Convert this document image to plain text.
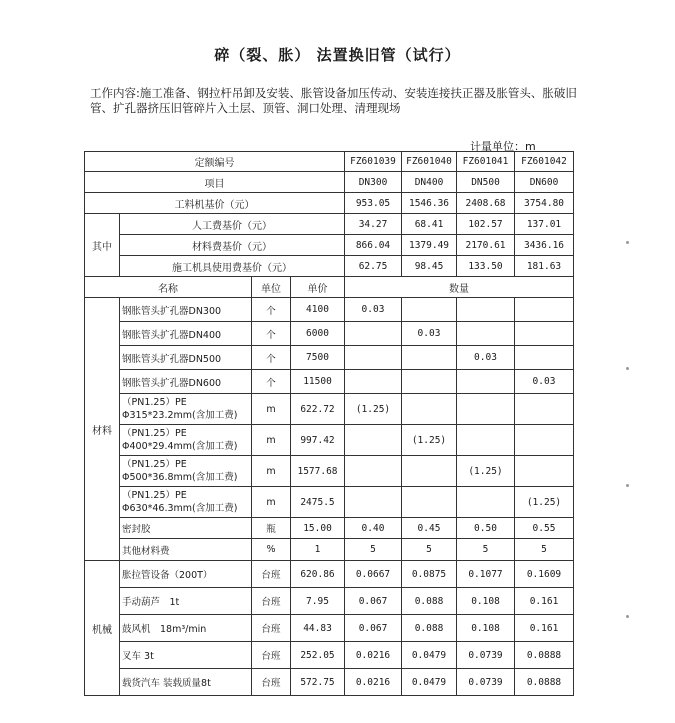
碎（裂、胀） 法置换旧管（试行）
工作内容:施工准备、钢拉杆吊卸及安装、胀管设备加压传动、安装连接扶正器及胀管头、胀破旧管、扩孔器挤压旧管碎片入土层、顶管、洞口处理、清理现场
计量单位：m
定额编号				FZ601039	FZ601040	FZ601041	FZ601042
项目				DN300	DN400	DN500	DN600
工料机基价（元）				953.05	1546.36	2408.68	3754.80
其中	人工费基价（元）			34.27	68.41	102.57	137.01
	材料费基价（元）			866.04	1379.49	2170.61	3436.16
	施工机具使用费基价（元）			62.75	98.45	133.50	181.63
名称		单位	单价	数量			
材料	钢胀管头扩孔器DN300	个	4100	0.03			
	钢胀管头扩孔器DN400	个	6000		0.03		
	钢胀管头扩孔器DN500	个	7500			0.03	
	钢胀管头扩孔器DN600	个	11500				0.03

	（PN1.25）PE
Φ315*23.2mm(含加工费)	m	622.72	(1.25)			

	（PN1.25）PE
Φ400*29.4mm(含加工费)	m	997.42		(1.25)		

	（PN1.25）PE
Φ500*36.8mm(含加工费)	m	1577.68			(1.25)	

	（PN1.25）PE
Φ630*46.3mm(含加工费)	m	2475.5				(1.25)
	密封胶	瓶	15.00	0.40	0.45	0.50	0.55
	其他材料费	%	1	5	5	5	5
机械	胀拉管设备（200T）	台班	620.86	0.0667	0.0875	0.1077	0.1609
	手动葫芦　1t	台班	7.95	0.067	0.088	0.108	0.161
	鼓风机　18m³/min	台班	44.83	0.067	0.088	0.108	0.161
	叉车 3t	台班	252.05	0.0216	0.0479	0.0739	0.0888
	载货汽车 装载质量8t	台班	572.75	0.0216	0.0479	0.0739	0.0888
